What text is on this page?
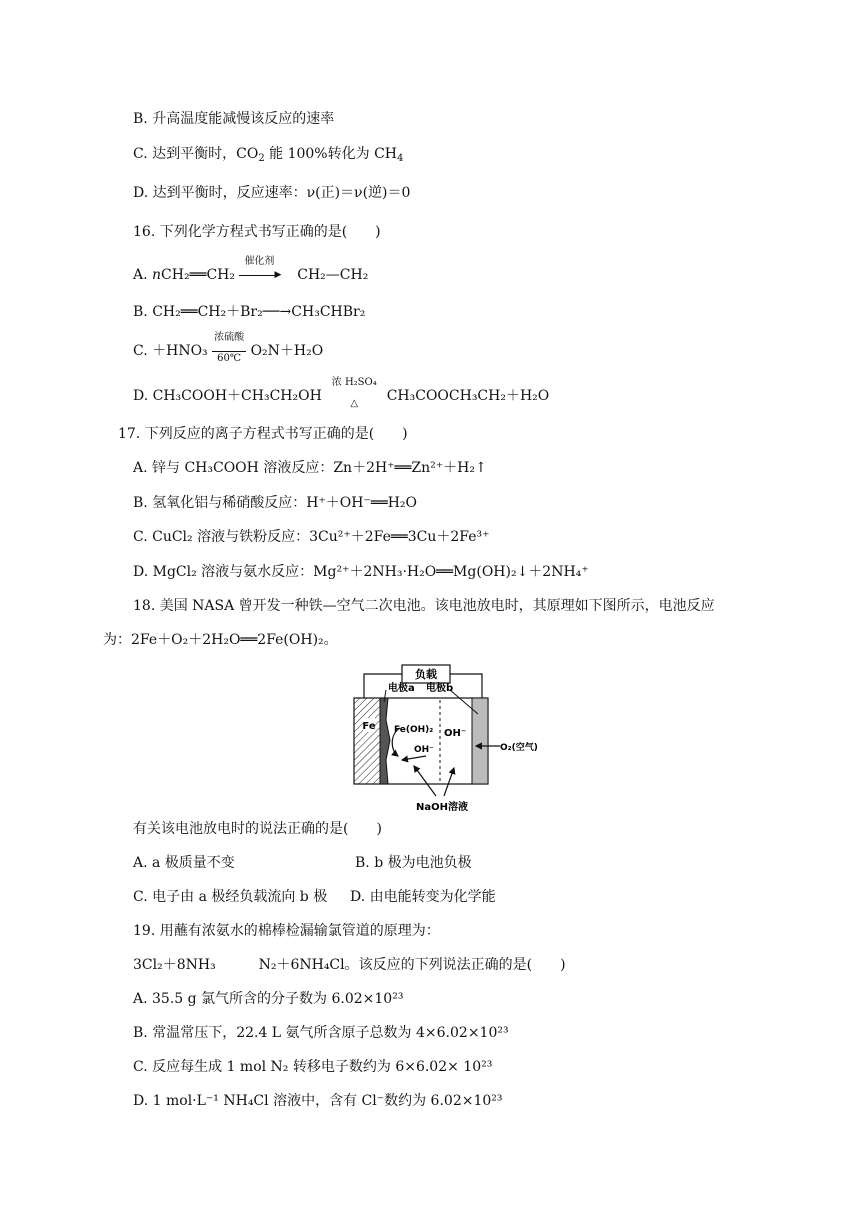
B. 升高温度能减慢该反应的速率
C. 达到平衡时，$CO_2$ 能 100%转化为 $CH_4$
D. 达到平衡时，反应速率：ν(正)＝ν(逆)＝0
16. 下列化学方程式书写正确的是(　　)
A. nCH₂══CH₂
催化剂
▶ CH₂—CH₂
B. CH₂══CH₂＋Br₂──→CH₃CHBr₂
C. ＋HNO₃
浓硫酸
60℃ O₂N＋H₂O
D. CH₃COOH＋CH₃CH₂OH
浓 H₂SO₄
△	CH₃COOCH₃CH₂＋H₂O
17. 下列反应的离子方程式书写正确的是(　　)
A. 锌与 CH₃COOH 溶液反应：Zn＋2H⁺══Zn²⁺＋H₂↑
B. 氢氧化铝与稀硝酸反应：H⁺＋OH⁻══H₂O
C. CuCl₂ 溶液与铁粉反应：3Cu²⁺＋2Fe══3Cu＋2Fe³⁺
D. MgCl₂ 溶液与氨水反应：Mg²⁺＋2NH₃·H₂O══Mg(OH)₂↓＋2NH₄⁺
18. 美国 NASA 曾开发一种铁—空气二次电池。该电池放电时，其原理如下图所示，电池反应
为：2Fe＋O₂＋2H₂O══2Fe(OH)₂。
负载
Fe
电极a 电极b
Fe(OH)₂
OH⁻
OH⁻
O₂(空气)
NaOH溶液
有关该电池放电时的说法正确的是(　　)
A. a 极质量不变	B. b 极为电池负极
C. 电子由 a 极经负载流向 b 极 D. 由电能转变为化学能
19. 用蘸有浓氨水的棉棒检漏输氯管道的原理为：
3Cl₂＋8NH₃	N₂＋6NH₄Cl。该反应的下列说法正确的是(　　)
A. 35.5 g 氯气所含的分子数为 6.02×10²³
B. 常温常压下，22.4 L 氨气所含原子总数为 4×6.02×10²³
C. 反应每生成 1 mol N₂ 转移电子数约为 6×6.02× 10²³
D. 1 mol·L⁻¹ NH₄Cl 溶液中，含有 Cl⁻数约为 6.02×10²³
